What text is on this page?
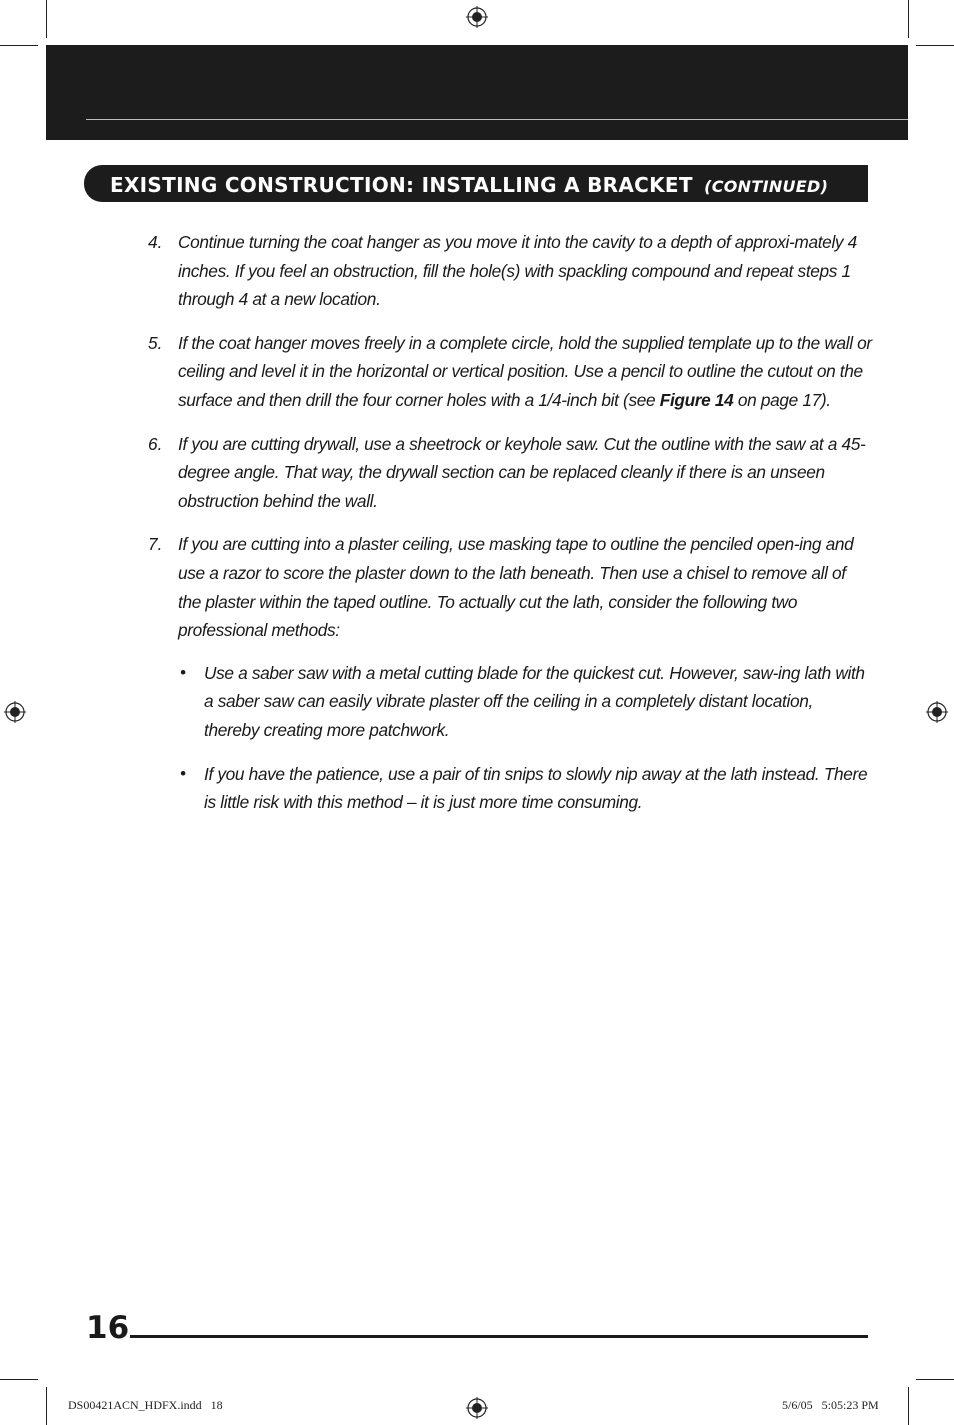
EXISTING CONSTRUCTION: INSTALLING A BRACKET (CONTINUED)
4. Continue turning the coat hanger as you move it into the cavity to a depth of approxi-mately 4 inches. If you feel an obstruction, fill the hole(s) with spackling compound and repeat steps 1 through 4 at a new location.

5. If the coat hanger moves freely in a complete circle, hold the supplied template up to the wall or ceiling and level it in the horizontal or vertical position. Use a pencil to outline the cutout on the surface and then drill the four corner holes with a 1/4-inch bit (see Figure 14 on page 17).

6. If you are cutting drywall, use a sheetrock or keyhole saw. Cut the outline with the saw at a 45-degree angle. That way, the drywall section can be replaced cleanly if there is an unseen obstruction behind the wall.

7. If you are cutting into a plaster ceiling, use masking tape to outline the penciled open-ing and use a razor to score the plaster down to the lath beneath. Then use a chisel to remove all of the plaster within the taped outline. To actually cut the lath, consider the following two professional methods:

• Use a saber saw with a metal cutting blade for the quickest cut. However, saw-ing lath with a saber saw can easily vibrate plaster off the ceiling in a completely distant location, thereby creating more patchwork.

• If you have the patience, use a pair of tin snips to slowly nip away at the lath instead. There is little risk with this method – it is just more time consuming.

16

DS00421ACN_HDFX.indd   18	5/6/05   5:05:23 PM
